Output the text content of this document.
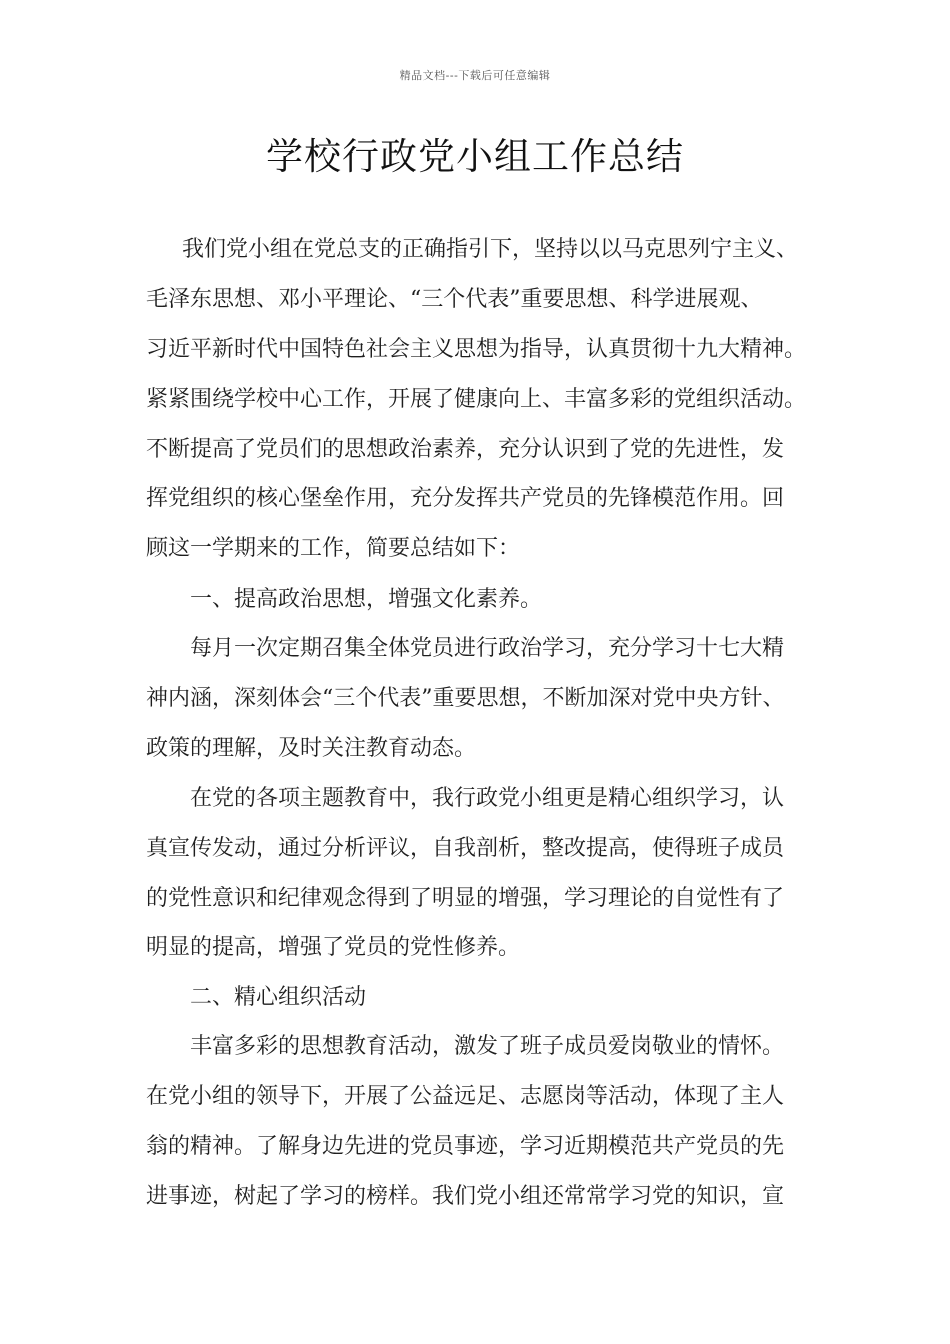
精品文档---下载后可任意编辑
学校行政党小组工作总结
我们党小组在党总支的正确指引下，坚持以以马克思列宁主义、
毛泽东思想、邓小平理论、“三个代表”重要思想、科学进展观、
习近平新时代中国特色社会主义思想为指导，认真贯彻十九大精神。
紧紧围绕学校中心工作，开展了健康向上、丰富多彩的党组织活动。
不断提高了党员们的思想政治素养，充分认识到了党的先进性，发
挥党组织的核心堡垒作用，充分发挥共产党员的先锋模范作用。回
顾这一学期来的工作，简要总结如下：
一、提高政治思想，增强文化素养。
每月一次定期召集全体党员进行政治学习，充分学习十七大精
神内涵，深刻体会“三个代表”重要思想，不断加深对党中央方针、
政策的理解，及时关注教育动态。
在党的各项主题教育中，我行政党小组更是精心组织学习，认
真宣传发动，通过分析评议，自我剖析，整改提高，使得班子成员
的党性意识和纪律观念得到了明显的增强，学习理论的自觉性有了
明显的提高，增强了党员的党性修养。
二、精心组织活动
丰富多彩的思想教育活动，激发了班子成员爱岗敬业的情怀。
在党小组的领导下，开展了公益远足、志愿岗等活动，体现了主人
翁的精神。了解身边先进的党员事迹，学习近期模范共产党员的先
进事迹，树起了学习的榜样。我们党小组还常常学习党的知识，宣
